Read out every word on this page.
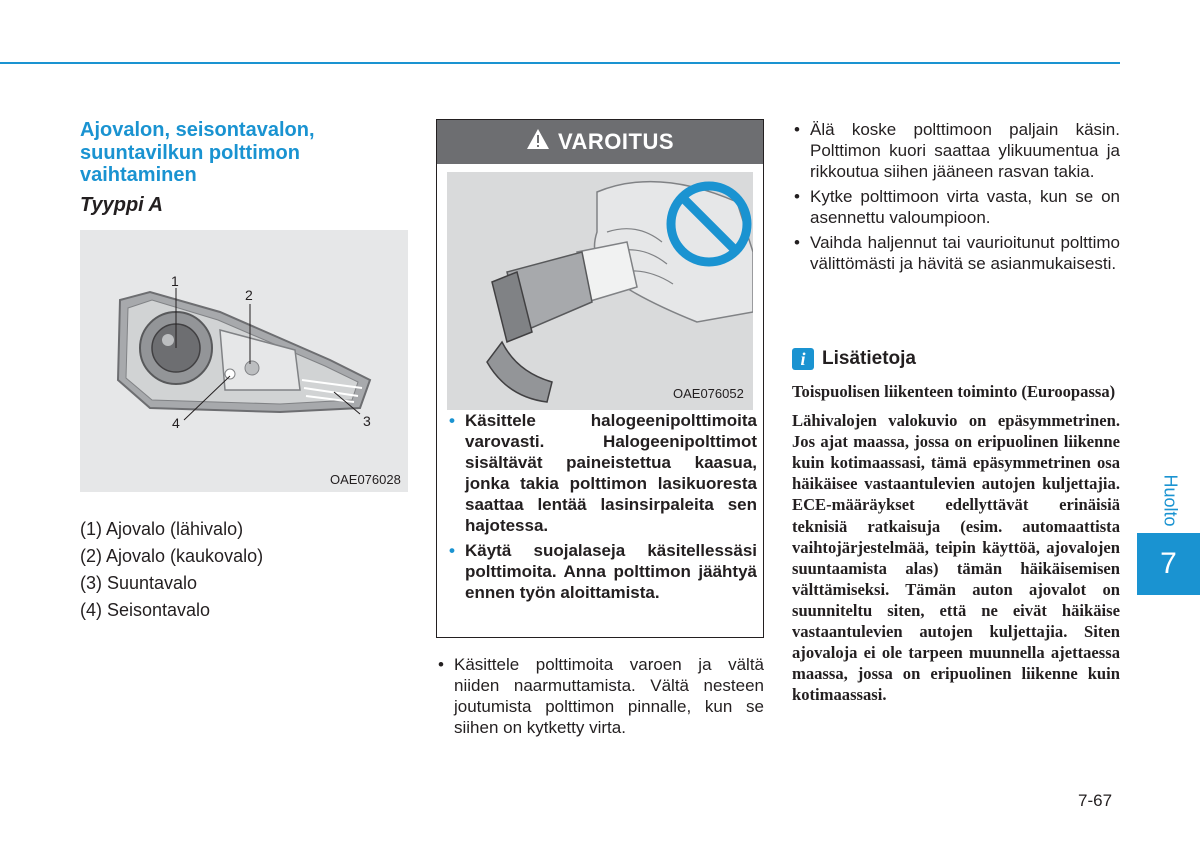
Ajovalon, seisontavalon,
suuntavilkun polttimon
vaihtaminen
Tyyppi A
1
2
3
4
OAE076028
(1) Ajovalo (lähivalo)
(2) Ajovalo (kaukovalo)
(3) Suuntavalo
(4) Seisontavalo
VAROITUS
OAE076052
• Käsittele halogeenipolttimoita varovasti. Halogeenipolttimot sisältävät paineistettua kaasua, jonka takia polttimon lasikuoresta saattaa lentää lasinsirpaleita sen hajotessa.
• Käytä suojalaseja käsitellessäsi polttimoita. Anna polttimon jäähtyä ennen työn aloittamista.
• Käsittele polttimoita varoen ja vältä niiden naarmuttamista. Vältä nesteen joutumista polttimon pinnalle, kun se siihen on kytketty virta.
• Älä koske polttimoon paljain käsin. Polttimon kuori saattaa ylikuumentua ja rikkoutua siihen jääneen rasvan takia.
• Kytke polttimoon virta vasta, kun se on asennettu valoumpioon.
• Vaihda haljennut tai vaurioitunut polttimo välittömästi ja hävitä se asianmukaisesti.
i Lisätietoja

Toispuolisen liikenteen toiminto (Euroopassa)

Lähivalojen valokuvio on epäsymmetrinen. Jos ajat maassa, jossa on eripuolinen liikenne kuin kotimaassasi, tämä epäsymmetrinen osa häikäisee vastaantulevien autojen kuljettajia. ECE-määräykset edellyttävät erinäisiä teknisiä ratkaisuja (esim. automaattista vaihtojärjestelmää, teipin käyttöä, ajovalojen suuntaamista alas) tämän häikäisemisen välttämiseksi. Tämän auton ajovalot on suunniteltu siten, että ne eivät häikäise vastaantulevien autojen kuljettajia. Siten ajovaloja ei ole tarpeen muunnella ajettaessa maassa, jossa on eripuolinen liikenne kuin kotimaassasi.

Huolto
7
7-67
